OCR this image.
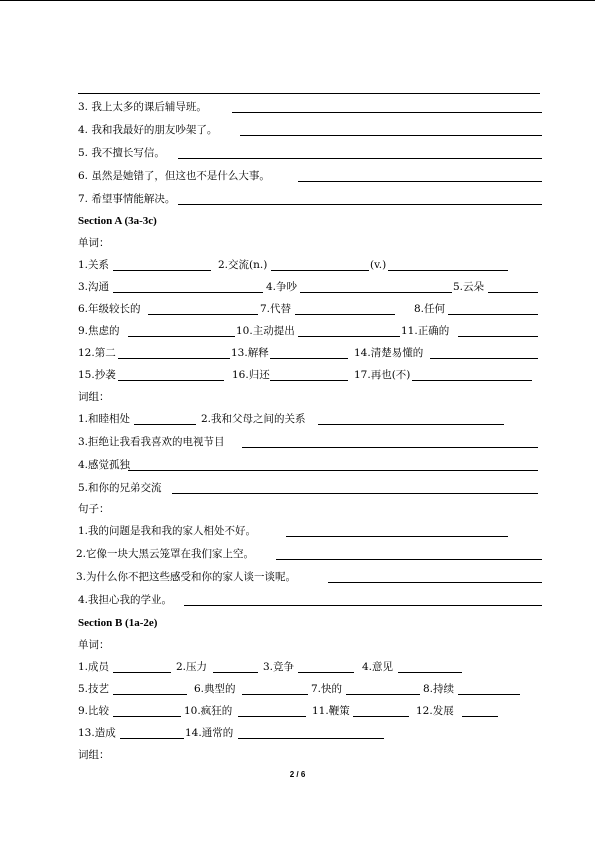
3. 我上太多的课后辅导班。
4. 我和我最好的朋友吵架了。
5. 我不擅长写信。
6. 虽然是她错了，但这也不是什么大事。
7. 希望事情能解决。
Section A (3a-3c)
单词：
1.关系	2.交流(n.)	(v.)
3.沟通	4.争吵	5.云朵
6.年级较长的	7.代替	8.任何
9.焦虑的	10.主动提出	11.正确的
12.第二	13.解释	14.清楚易懂的
15.抄袭	16.归还	17.再也(不)
词组：
1.和睦相处	2.我和父母之间的关系
3.拒绝让我看我喜欢的电视节目
4.感觉孤独
5.和你的兄弟交流
句子：
1.我的问题是我和我的家人相处不好。
2.它像一块大黑云笼罩在我们家上空。
3.为什么你不把这些感受和你的家人谈一谈呢。
4.我担心我的学业。
Section B (1a-2e)
单词：
1.成员	2.压力	3.竞争	4.意见
5.技艺	6.典型的	7.快的	8.持续
9.比较	10.疯狂的	11.鞭策	12.发展
13.造成	14.通常的
词组：
2 / 6
